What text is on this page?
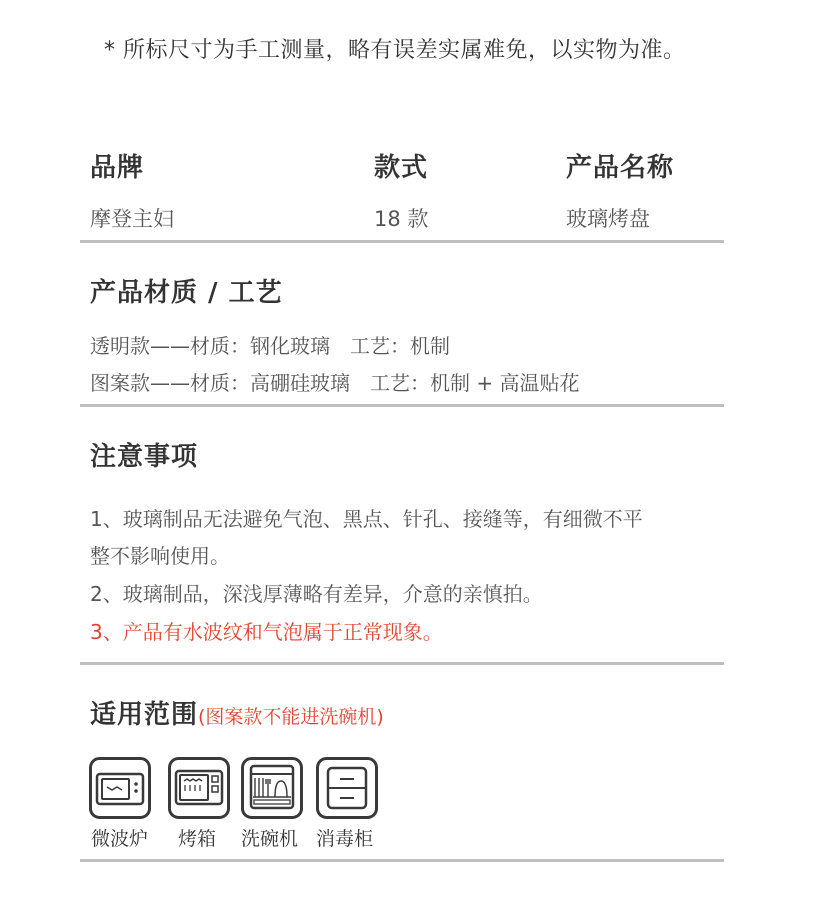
* 所标尺寸为手工测量，略有误差实属难免，以实物为准。
品牌	款式	产品名称
摩登主妇	18 款	玻璃烤盘
产品材质 / 工艺
透明款——材质：钢化玻璃　工艺：机制
图案款——材质：高硼硅玻璃　工艺：机制 + 高温贴花
注意事项
1、玻璃制品无法避免气泡、黑点、针孔、接缝等，有细微不平
整不影响使用。
2、玻璃制品，深浅厚薄略有差异，介意的亲慎拍。
3、产品有水波纹和气泡属于正常现象。
适用范围(图案款不能进洗碗机)
微波炉 烤箱 洗碗机 消毒柜
